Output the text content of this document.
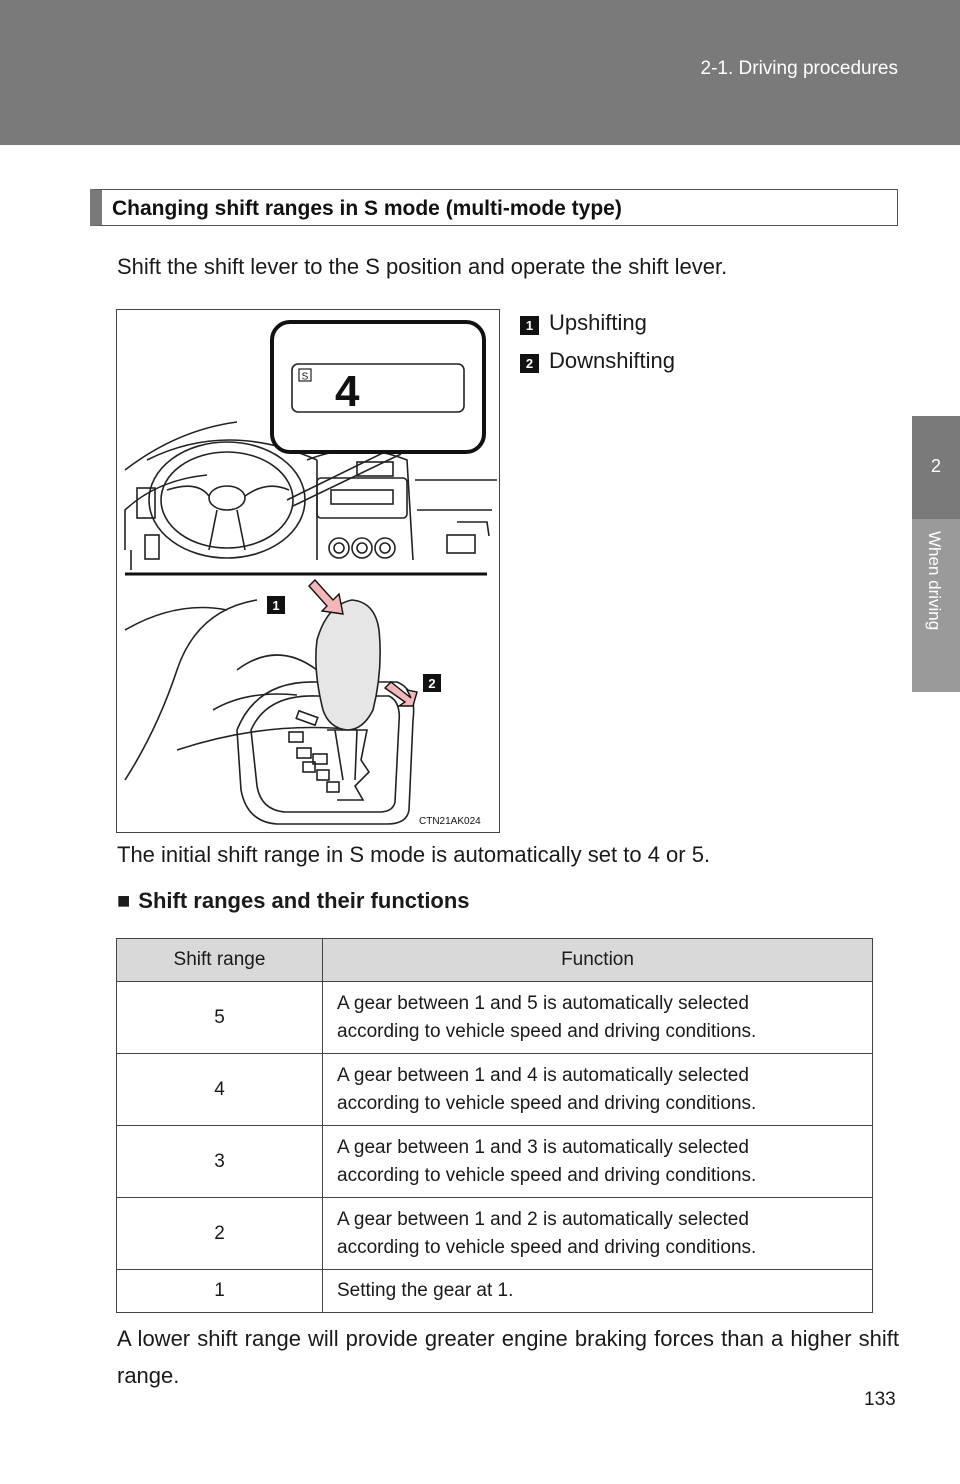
2-1. Driving procedures
2
When driving
Changing shift ranges in S mode (multi-mode type)
Shift the shift lever to the S position and operate the shift lever.
S 4
1
2
CTN21AK024
1 Upshifting
2 Downshifting
The initial shift range in S mode is automatically set to 4 or 5.
■ Shift ranges and their functions
Shift range	Function
5	A gear between 1 and 5 is automatically selected
according to vehicle speed and driving conditions.

4	A gear between 1 and 4 is automatically selected
according to vehicle speed and driving conditions.

3	A gear between 1 and 3 is automatically selected
according to vehicle speed and driving conditions.

2	A gear between 1 and 2 is automatically selected
according to vehicle speed and driving conditions.

1	Setting the gear at 1.
A lower shift range will provide greater engine braking forces than a higher shift range.
133
